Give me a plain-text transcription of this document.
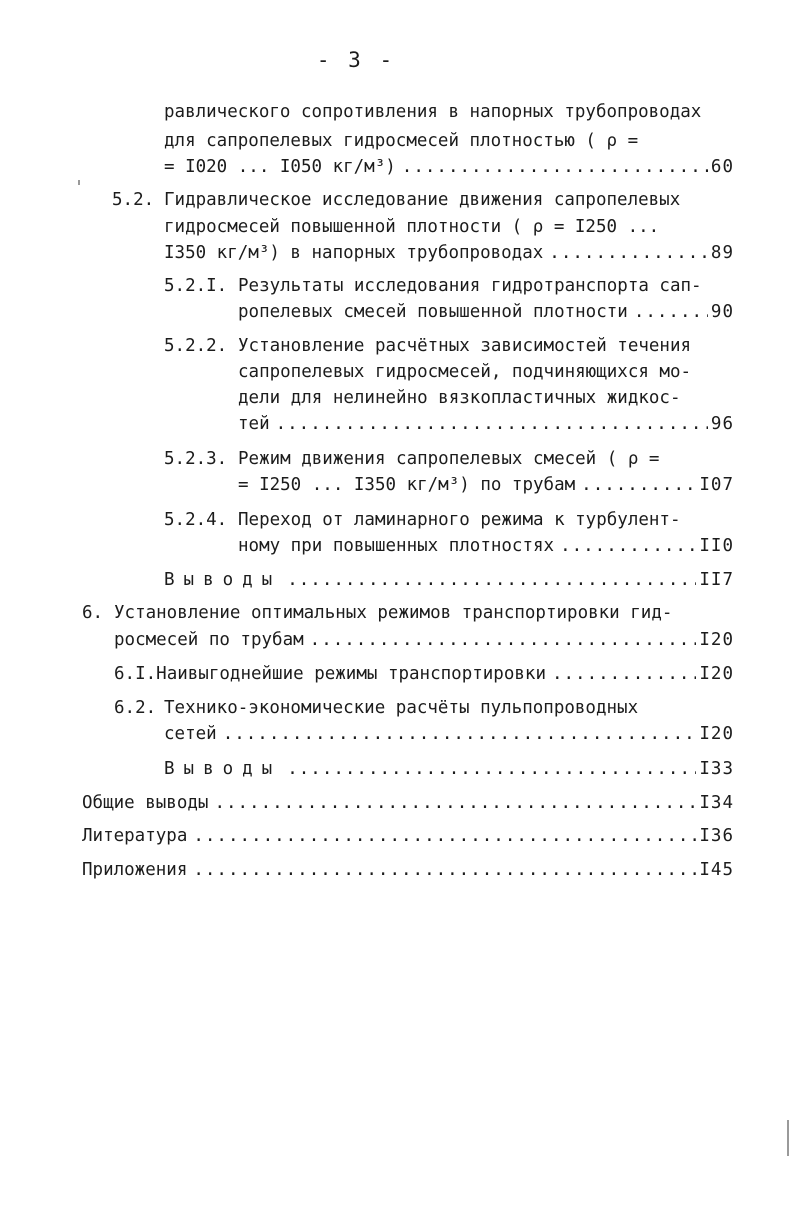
- 3 -
равлического сопротивления в напорных трубопроводах
для сапропелевых гидросмесей плотностью ( ρ =
= I020 ... I050 кг/м³) .....	60
5.2. Гидравлическое исследование движения сапропелевых
гидросмесей повышенной плотности ( ρ = I250 ...
I350 кг/м³) в напорных трубопроводах .....	89
5.2.I. Результаты исследования гидротранспорта сап-
ропелевых смесей повышенной плотности .....	90
5.2.2. Установление расчётных зависимостей течения
сапропелевых гидросмесей, подчиняющихся мо-
дели для нелинейно вязкопластичных жидкос-
тей .....	96
5.2.3. Режим движения сапропелевых смесей ( ρ =
= I250 ... I350 кг/м³) по трубам .....	I07
5.2.4. Переход от ламинарного режима к турбулент-
ному при повышенных плотностях .....	II0
Выводы .....	II7
6. Установление оптимальных режимов транспортировки гид-
росмесей по трубам .....	I20
6.I. Наивыгоднейшие режимы транспортировки .....	I20
6.2. Технико-экономические расчёты пульпопроводных
сетей .....	I20
Выводы .....	I33
Общие выводы .....	I34
Литература .....	I36
Приложения .....	I45
